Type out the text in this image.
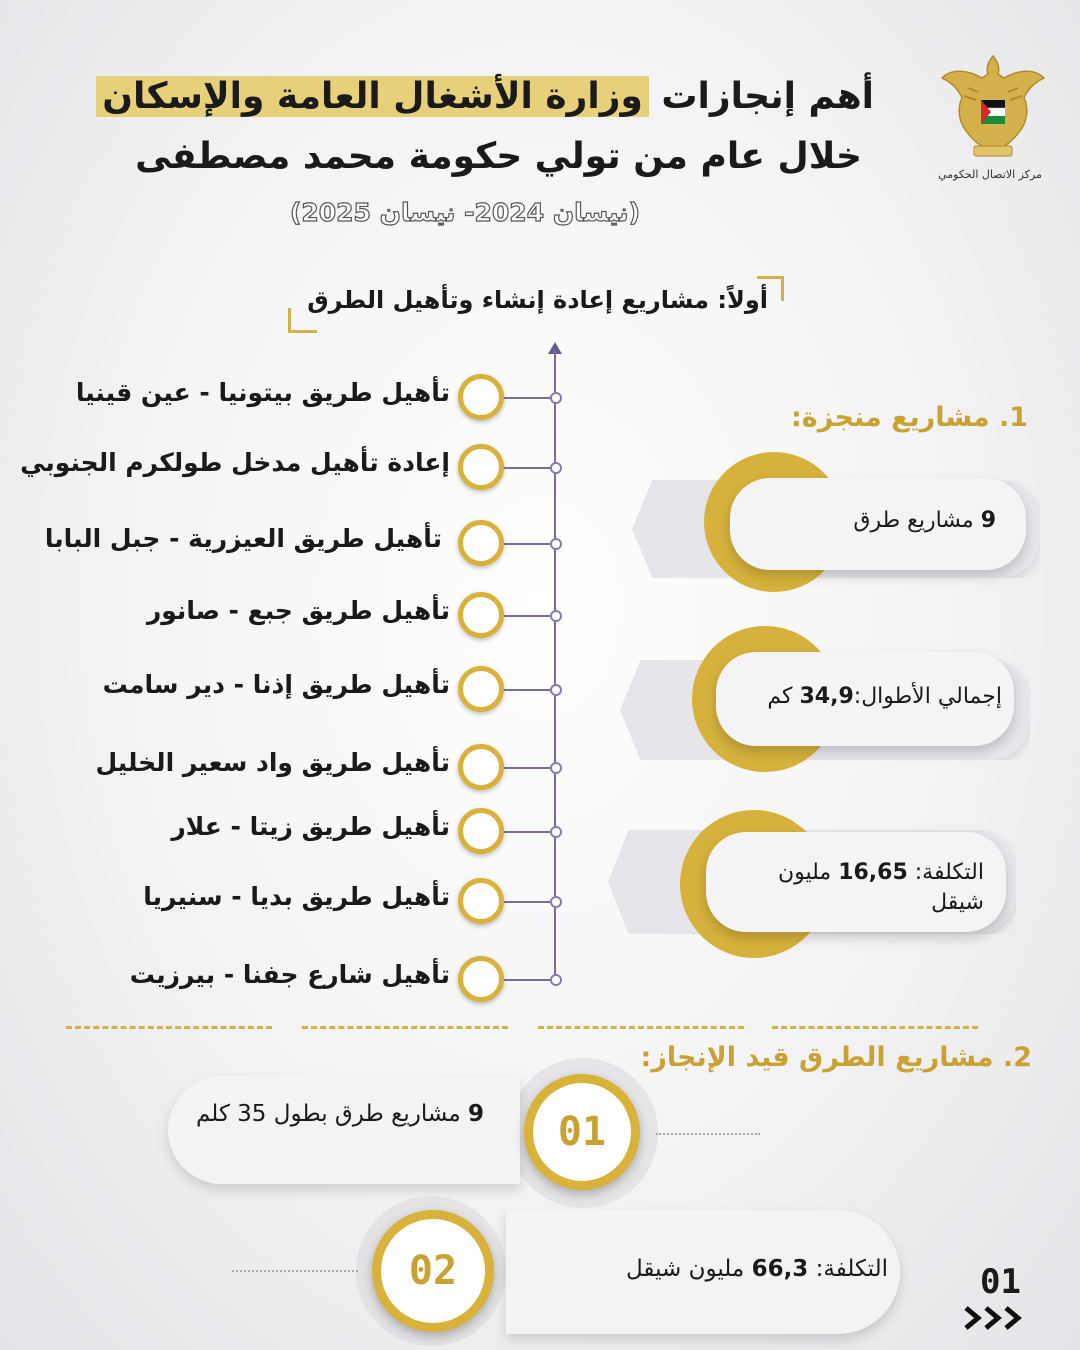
مركز الاتصال الحكومي
أهم إنجازات وزارة الأشغال العامة والإسكان
خلال عام من تولي حكومة محمد مصطفى
(نيسان 2024- نيسان 2025)
أولاً: مشاريع إعادة إنشاء وتأهيل الطرق
تأهيل طريق بيتونيا - عين قينيا
إعادة تأهيل مدخل طولكرم الجنوبي
تأهيل طريق العيزرية - جبل البابا
تأهيل طريق جبع - صانور
تأهيل طريق إذنا - دير سامت
تأهيل طريق واد سعير الخليل
تأهيل طريق زيتا - علار
تأهيل طريق بديا - سنيريا
تأهيل شارع جفنا - بيرزيت
1. مشاريع منجزة:
9 مشاريع طرق
إجمالي الأطوال:34,9 كم
التكلفة: 16,65 مليون شيقل
2. مشاريع الطرق قيد الإنجاز:
01
9 مشاريع طرق بطول 35 كلم
02	التكلفة: 66,3 مليون شيقل	01
